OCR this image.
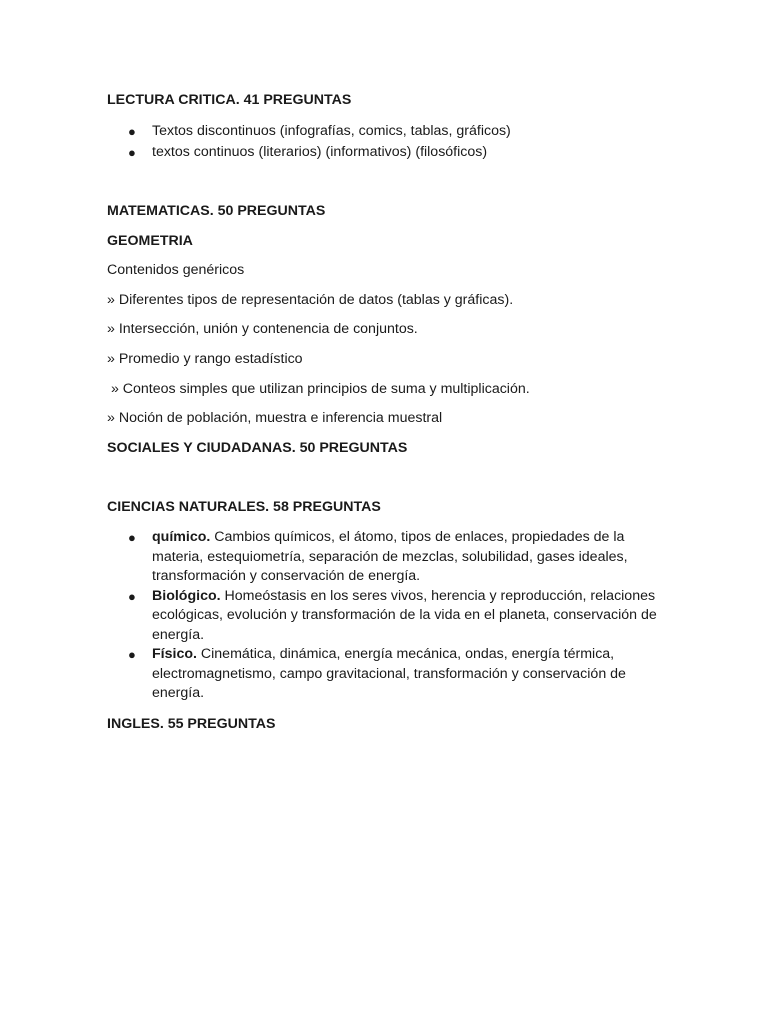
LECTURA CRITICA. 41 PREGUNTAS
● Textos discontinuos (infografías, comics, tablas, gráficos)
● textos continuos (literarios) (informativos) (filosóficos)
MATEMATICAS. 50 PREGUNTAS
GEOMETRIA
Contenidos genéricos
» Diferentes tipos de representación de datos (tablas y gráficas).
» Intersección, unión y contenencia de conjuntos.
» Promedio y rango estadístico
» Conteos simples que utilizan principios de suma y multiplicación.
» Noción de población, muestra e inferencia muestral
SOCIALES Y CIUDADANAS. 50 PREGUNTAS
CIENCIAS NATURALES. 58 PREGUNTAS
● químico. Cambios químicos, el átomo, tipos de enlaces, propiedades de la materia, estequiometría, separación de mezclas, solubilidad, gases ideales, transformación y conservación de energía.
● Biológico. Homeóstasis en los seres vivos, herencia y reproducción, relaciones ecológicas, evolución y transformación de la vida en el planeta, conservación de energía.
● Físico. Cinemática, dinámica, energía mecánica, ondas, energía térmica, electromagnetismo, campo gravitacional, transformación y conservación de energía.
INGLES. 55 PREGUNTAS
